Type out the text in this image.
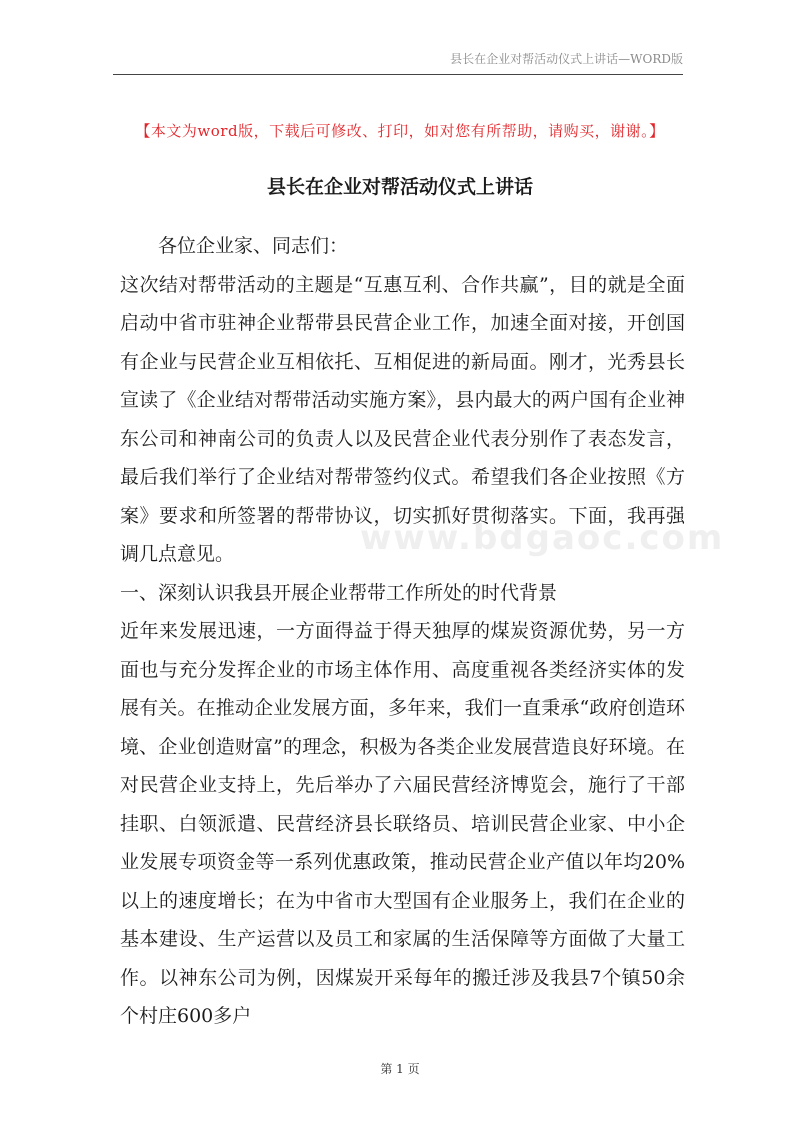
县长在企业对帮活动仪式上讲话—WORD版
【本文为word版，下载后可修改、打印，如对您有所帮助，请购买，谢谢。】
县长在企业对帮活动仪式上讲话

各位企业家、同志们：

这次结对帮带活动的主题是“互惠互利、合作共赢”，目的就是全面启动中省市驻神企业帮带县民营企业工作，加速全面对接，开创国有企业与民营企业互相依托、互相促进的新局面。刚才，光秀县长宣读了《企业结对帮带活动实施方案》，县内最大的两户国有企业神东公司和神南公司的负责人以及民营企业代表分别作了表态发言，最后我们举行了企业结对帮带签约仪式。希望我们各企业按照《方案》要求和所签署的帮带协议，切实抓好贯彻落实。下面，我再强调几点意见。

一、深刻认识我县开展企业帮带工作所处的时代背景

近年来发展迅速，一方面得益于得天独厚的煤炭资源优势，另一方面也与充分发挥企业的市场主体作用、高度重视各类经济实体的发展有关。在推动企业发展方面，多年来，我们一直秉承“政府创造环境、企业创造财富”的理念，积极为各类企业发展营造良好环境。在对民营企业支持上，先后举办了六届民营经济博览会，施行了干部挂职、白领派遣、民营经济县长联络员、培训民营企业家、中小企业发展专项资金等一系列优惠政策，推动民营企业产值以年均20%以上的速度增长；在为中省市大型国有企业服务上，我们在企业的基本建设、生产运营以及员工和家属的生活保障等方面做了大量工作。以神东公司为例，因煤炭开采每年的搬迁涉及我县7个镇50余个村庄600多户

www.bdgaoc.com
第 1 页
